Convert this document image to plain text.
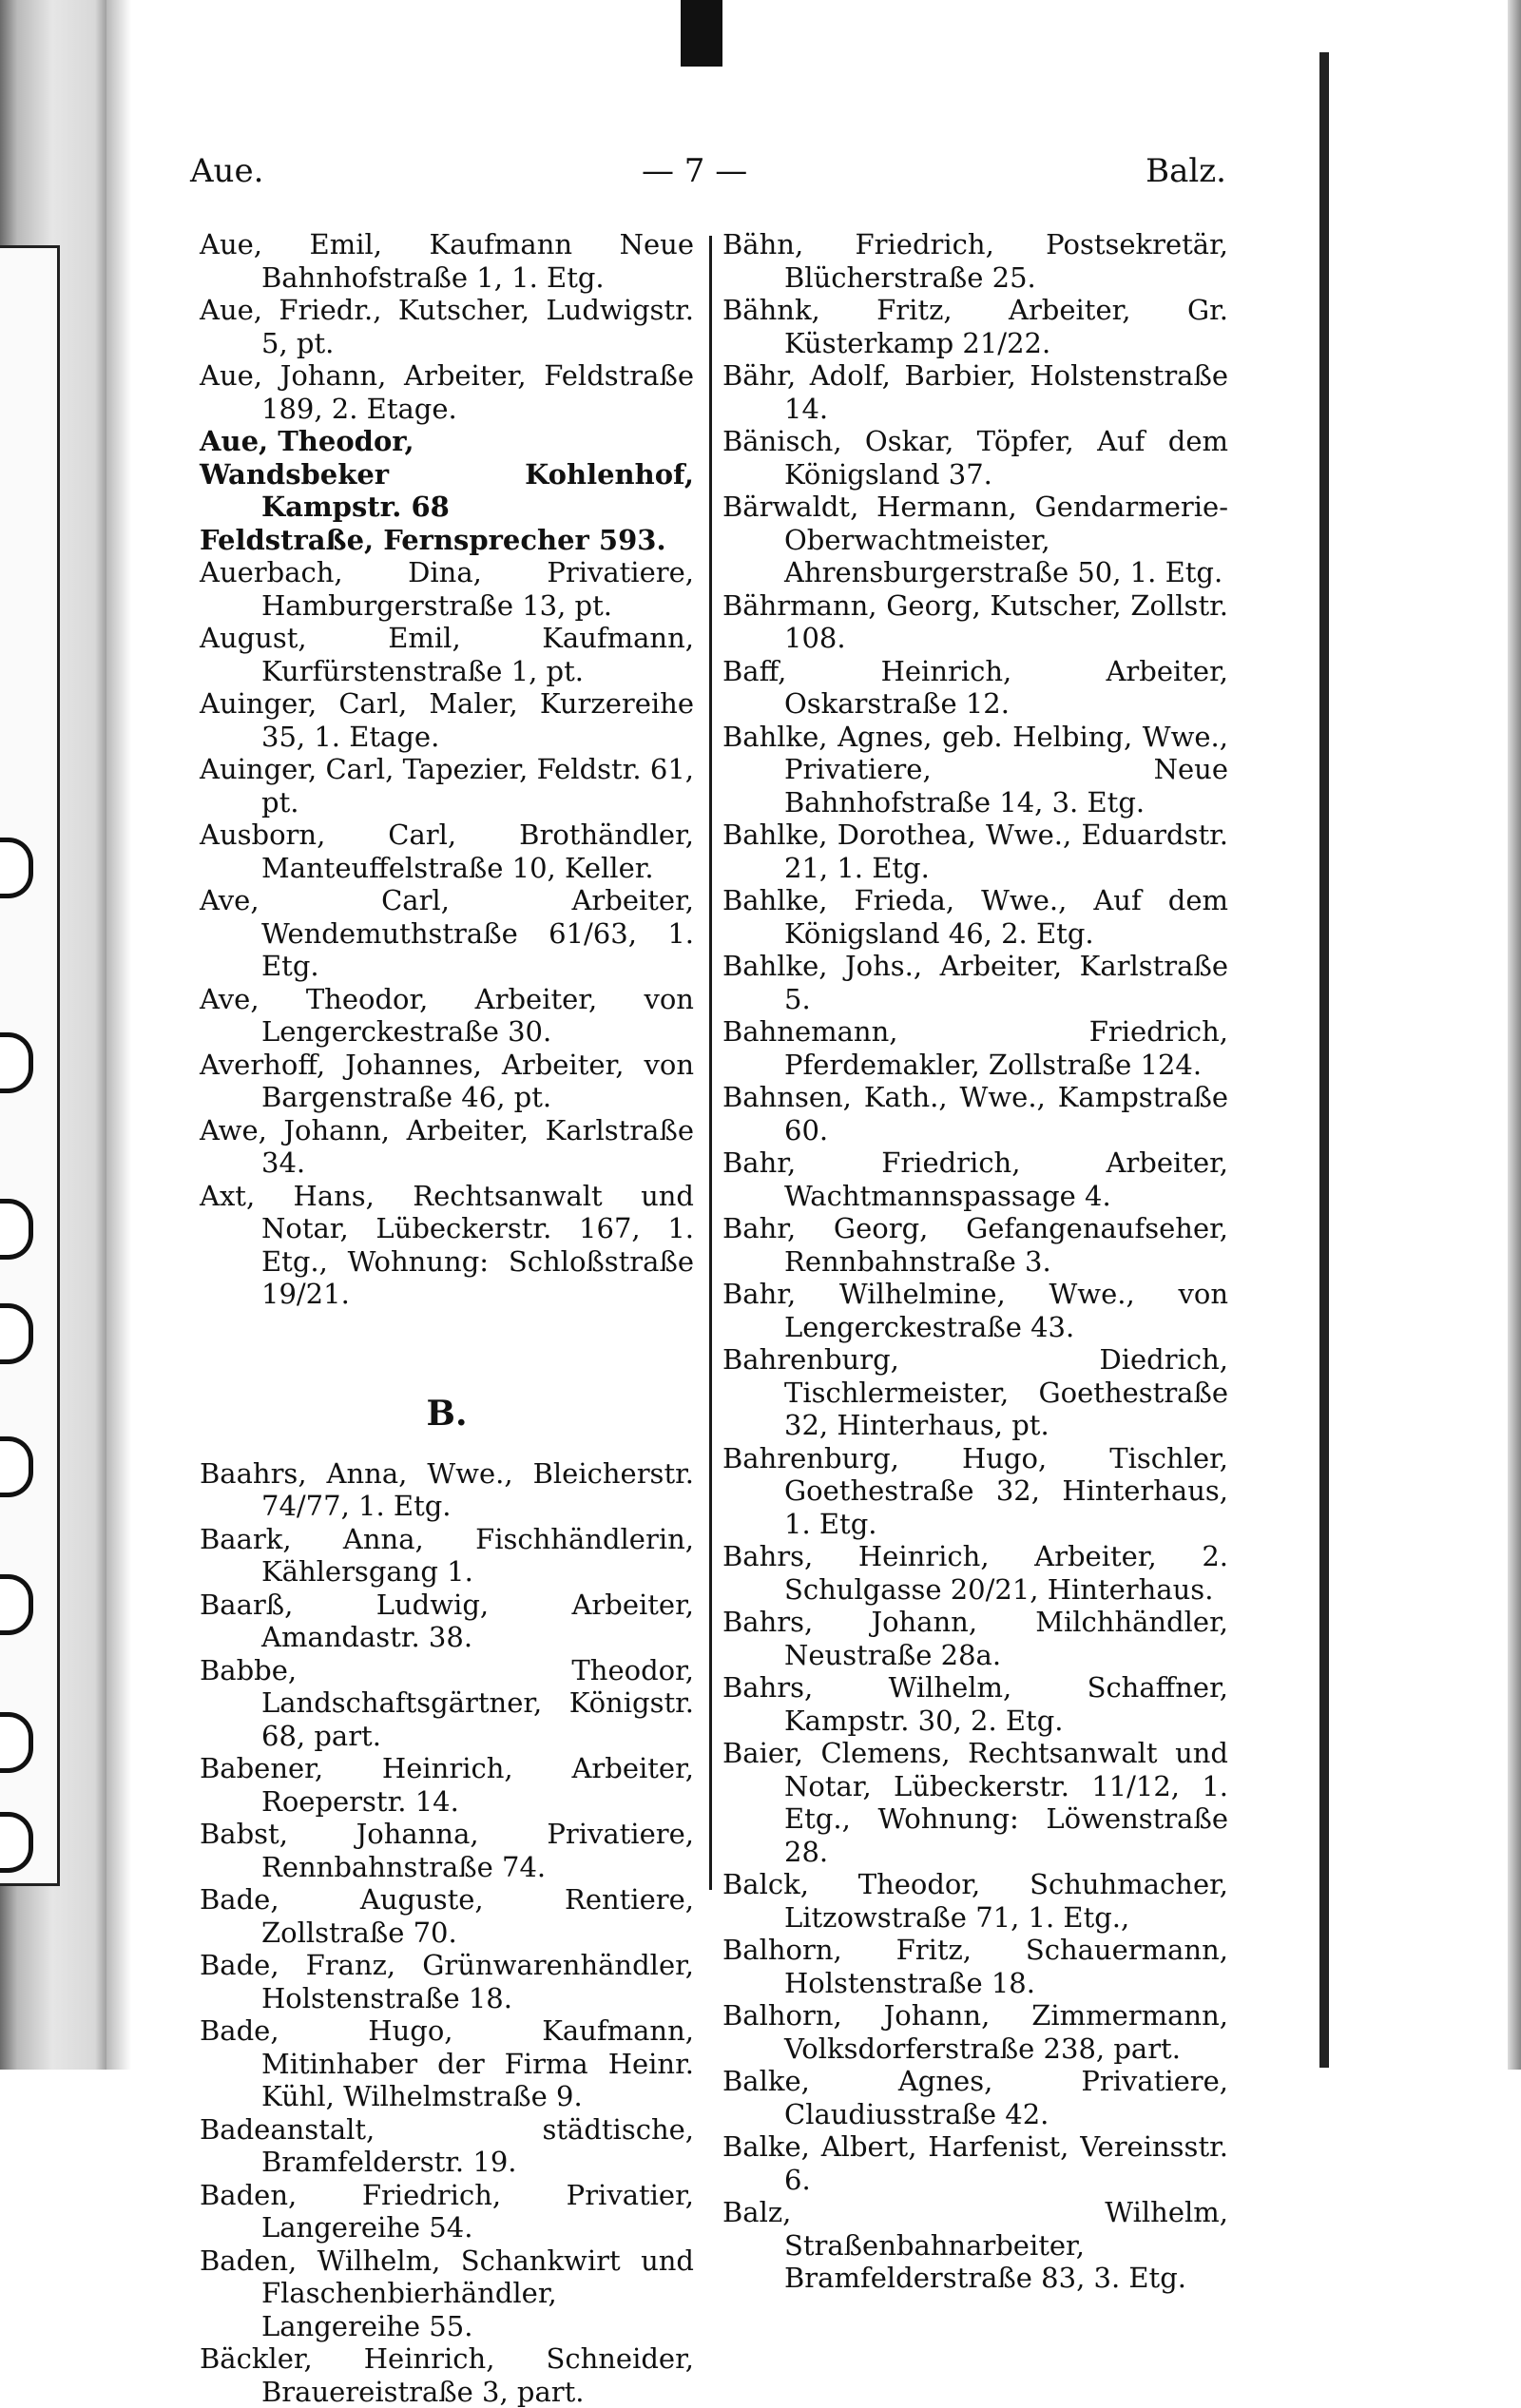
Aue.	— 7 —	Balz.

Aue, Emil, Kaufmann Neue Bahnhofstraße 1, 1. Etg.

Aue, Friedr., Kutscher, Ludwigstr. 5, pt.

Aue, Johann, Arbeiter, Feldstraße 189, 2. Etage.

Aue, Theodor,
Wandsbeker Kohlenhof, Kampstr. 68
Feldstraße, Fernsprecher 593.

Auerbach, Dina, Privatiere, Hamburgerstraße 13, pt.

August, Emil, Kaufmann, Kurfürstenstraße 1, pt.

Auinger, Carl, Maler, Kurzereihe 35, 1. Etage.

Auinger, Carl, Tapezier, Feldstr. 61, pt.

Ausborn, Carl, Brothändler, Manteuffelstraße 10, Keller.

Ave, Carl, Arbeiter, Wendemuthstraße 61/63, 1. Etg.

Ave, Theodor, Arbeiter, von Lengerckestraße 30.

Averhoff, Johannes, Arbeiter, von Bargenstraße 46, pt.

Awe, Johann, Arbeiter, Karlstraße 34.

Axt, Hans, Rechtsanwalt und Notar, Lübeckerstr. 167, 1. Etg., Wohnung: Schloßstraße 19/21.

B.

Baahrs, Anna, Wwe., Bleicherstr. 74/77, 1. Etg.

Baark, Anna, Fischhändlerin, Kählersgang 1.

Baarß, Ludwig, Arbeiter, Amandastr. 38.

Babbe, Theodor, Landschaftsgärtner, Königstr. 68, part.

Babener, Heinrich, Arbeiter, Roeperstr. 14.

Babst, Johanna, Privatiere, Rennbahnstraße 74.

Bade, Auguste, Rentiere, Zollstraße 70.

Bade, Franz, Grünwarenhändler, Holstenstraße 18.

Bade, Hugo, Kaufmann, Mitinhaber der Firma Heinr. Kühl, Wilhelmstraße 9.

Badeanstalt, städtische, Bramfelderstr. 19.

Baden, Friedrich, Privatier, Langereihe 54.

Baden, Wilhelm, Schankwirt und Flaschenbierhändler, Langereihe 55.

Bäckler, Heinrich, Schneider, Brauereistraße 3, part.

Bähn, Friedrich, Postsekretär, Blücherstraße 25.

Bähnk, Fritz, Arbeiter, Gr. Küsterkamp 21/22.

Bähr, Adolf, Barbier, Holstenstraße 14.

Bänisch, Oskar, Töpfer, Auf dem Königsland 37.

Bärwaldt, Hermann, Gendarmerie-Oberwachtmeister, Ahrensburgerstraße 50, 1. Etg.

Bährmann, Georg, Kutscher, Zollstr. 108.

Baff, Heinrich, Arbeiter, Oskarstraße 12.

Bahlke, Agnes, geb. Helbing, Wwe., Privatiere, Neue Bahnhofstraße 14, 3. Etg.

Bahlke, Dorothea, Wwe., Eduardstr. 21, 1. Etg.

Bahlke, Frieda, Wwe., Auf dem Königsland 46, 2. Etg.

Bahlke, Johs., Arbeiter, Karlstraße 5.

Bahnemann, Friedrich, Pferdemakler, Zollstraße 124.

Bahnsen, Kath., Wwe., Kampstraße 60.

Bahr, Friedrich, Arbeiter, Wachtmannspassage 4.

Bahr, Georg, Gefangenaufseher, Rennbahnstraße 3.

Bahr, Wilhelmine, Wwe., von Lengerckestraße 43.

Bahrenburg, Diedrich, Tischlermeister, Goethestraße 32, Hinterhaus, pt.

Bahrenburg, Hugo, Tischler, Goethestraße 32, Hinterhaus, 1. Etg.

Bahrs, Heinrich, Arbeiter, 2. Schulgasse 20/21, Hinterhaus.

Bahrs, Johann, Milchhändler, Neustraße 28a.

Bahrs, Wilhelm, Schaffner, Kampstr. 30, 2. Etg.

Baier, Clemens, Rechtsanwalt und Notar, Lübeckerstr. 11/12, 1. Etg., Wohnung: Löwenstraße 28.

Balck, Theodor, Schuhmacher, Litzowstraße 71, 1. Etg.,

Balhorn, Fritz, Schauermann, Holstenstraße 18.

Balhorn, Johann, Zimmermann, Volksdorferstraße 238, part.

Balke, Agnes, Privatiere, Claudiusstraße 42.

Balke, Albert, Harfenist, Vereinsstr. 6.

Balz, Wilhelm, Straßenbahnarbeiter, Bramfelderstraße 83, 3. Etg.
